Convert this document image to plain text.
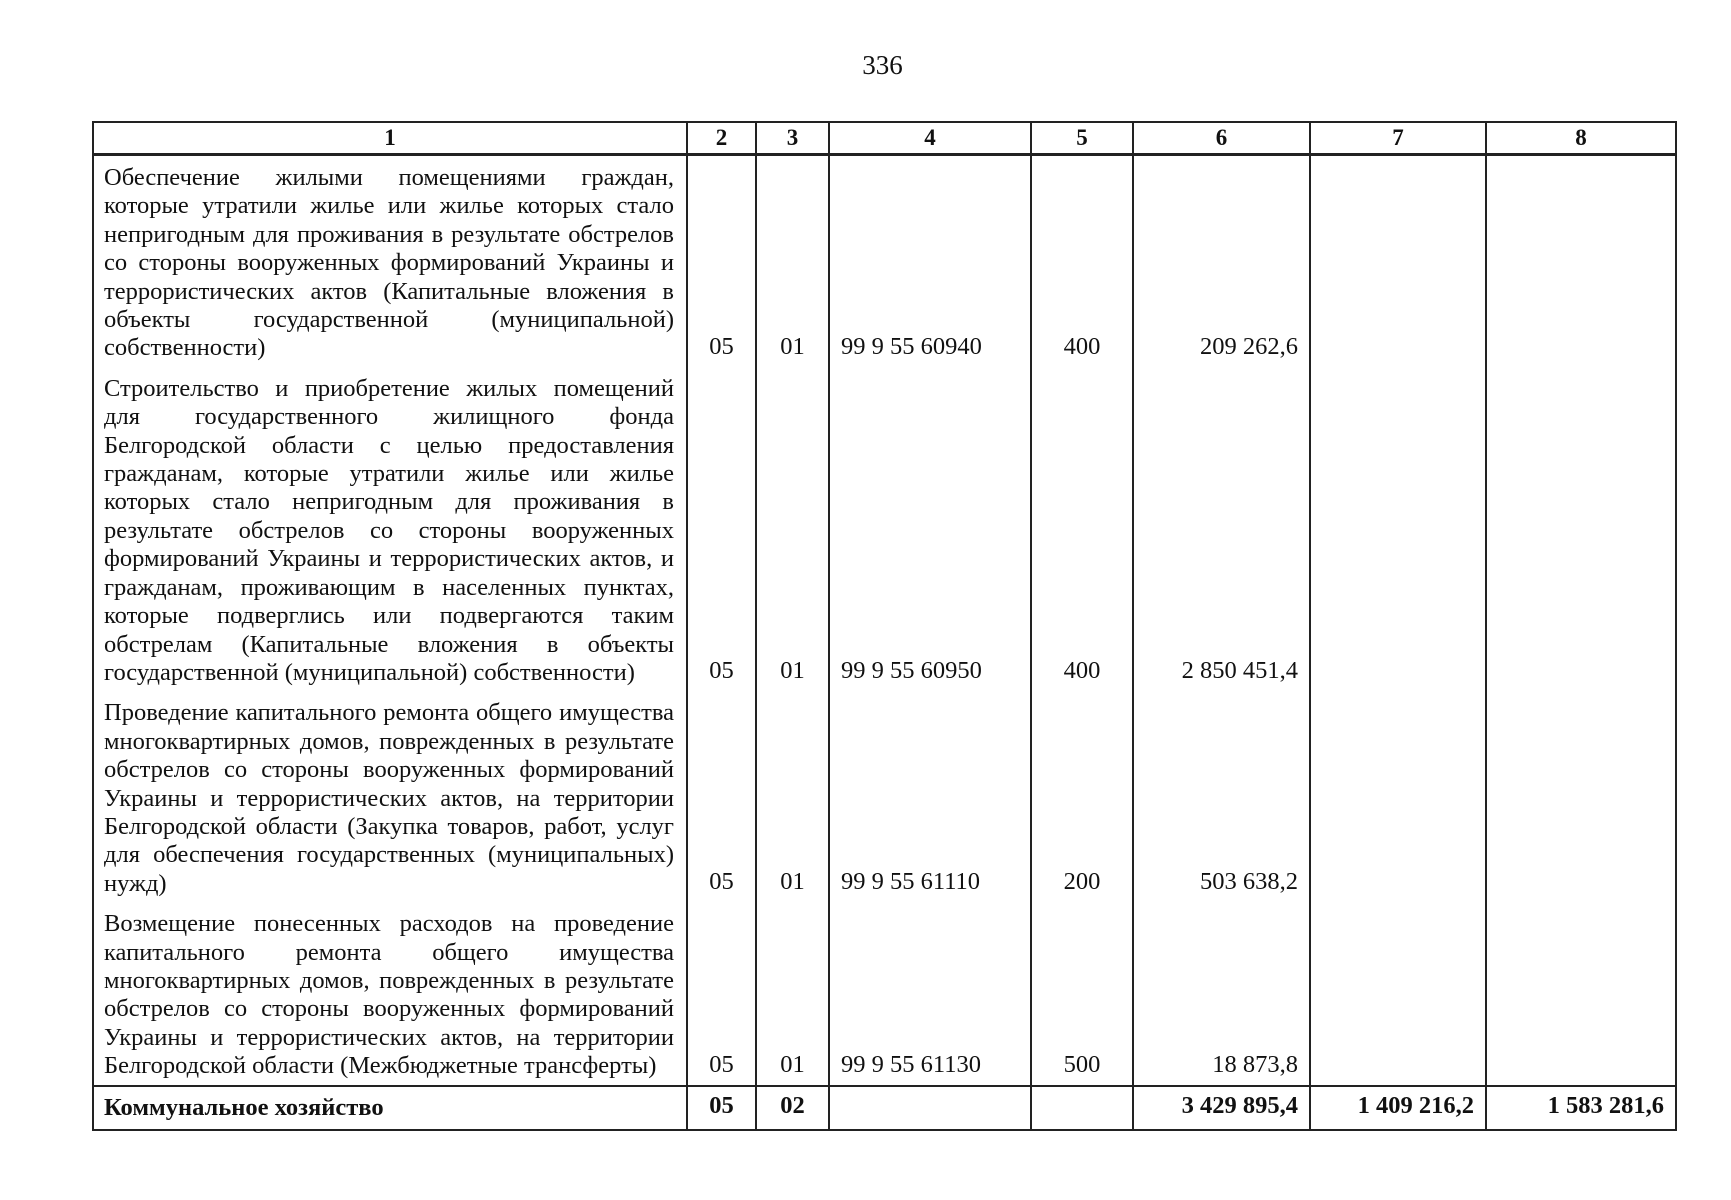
336
1	2	3	4	5	6	7	8
Обеспечение жилыми помещениями граждан, которые утратили жилье или жилье которых стало непригодным для проживания в результате обстрелов со стороны вооруженных формирований Украины и террористических актов (Капитальные вложения в объекты государственной (муниципальной) собственности)	05	01	99 9 55 60940	400	209 262,6		
Строительство и приобретение жилых помещений для государственного жилищного фонда Белгородской области с целью предоставления гражданам, которые утратили жилье или жилье которых стало непригодным для проживания в результате обстрелов со стороны вооруженных формирований Украины и террористических актов, и гражданам, проживающим в населенных пунктах, которые подверглись или подвергаются таким обстрелам (Капитальные вложения в объекты государственной (муниципальной) собственности)	05	01	99 9 55 60950	400	2 850 451,4		
Проведение капитального ремонта общего имущества многоквартирных домов, поврежденных в результате обстрелов со стороны вооруженных формирований Украины и террористических актов, на территории Белгородской области (Закупка товаров, работ, услуг для обеспечения государственных (муниципальных) нужд)	05	01	99 9 55 61110	200	503 638,2		
Возмещение понесенных расходов на проведение капитального ремонта общего имущества многоквартирных домов, поврежденных в результате обстрелов со стороны вооруженных формирований Украины и террористических актов, на территории Белгородской области (Межбюджетные трансферты)	05	01	99 9 55 61130	500	18 873,8		
Коммунальное хозяйство	05	02			3 429 895,4	1 409 216,2	1 583 281,6
